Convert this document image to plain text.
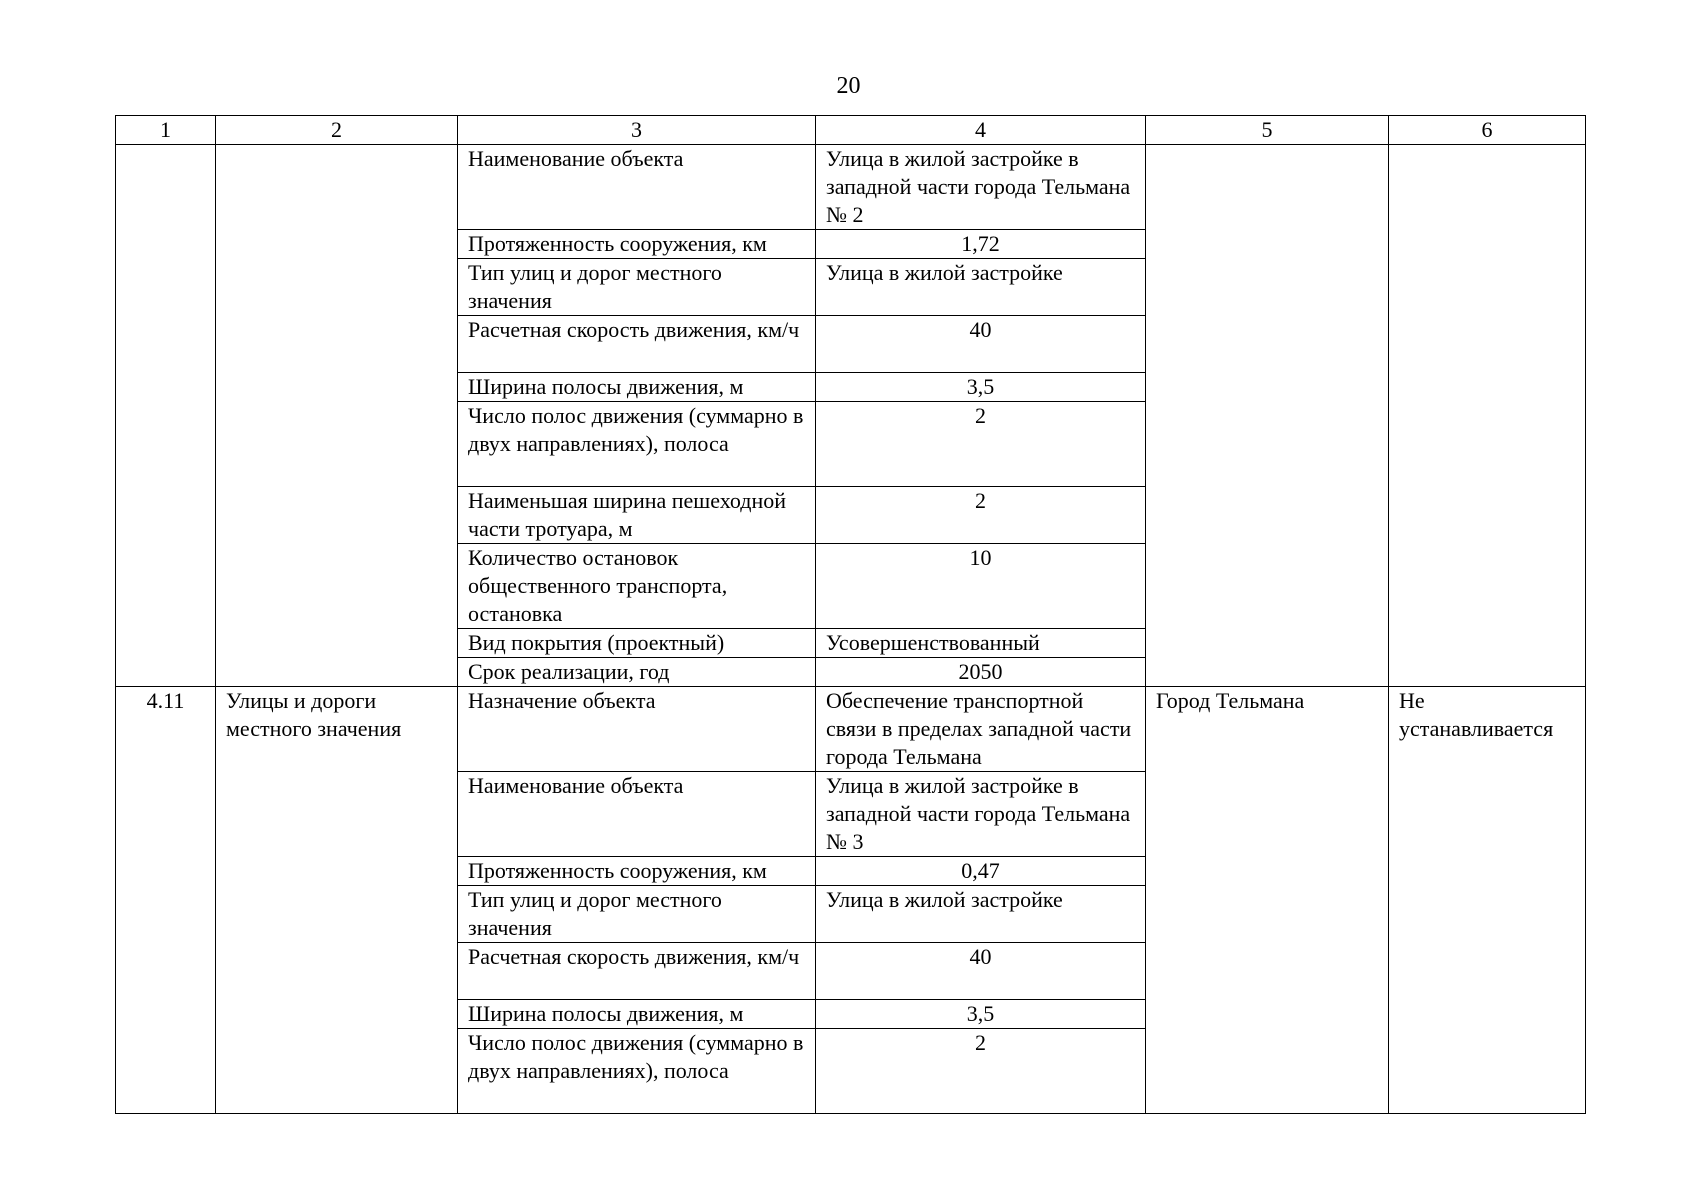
20
1	2	3	4	5	6
		Наименование объекта	Улица в жилой застройке в западной части города Тельмана № 2		
		Протяженность сооружения, км	1,72		
		Тип улиц и дорог местного значения	Улица в жилой застройке		
		Расчетная скорость движения, км/ч	40		
		Ширина полосы движения, м	3,5		
		Число полос движения (суммарно в двух направлениях), полоса	2		
		Наименьшая ширина пешеходной части тротуара, м	2		
		Количество остановок общественного транспорта, остановка	10		
		Вид покрытия (проектный)	Усовершенствованный		
		Срок реализации, год	2050		
4.11	Улицы и дороги местного значения	Назначение объекта	Обеспечение транспортной связи в пределах западной части города Тельмана	Город Тельмана	Не устанавливается
		Наименование объекта	Улица в жилой застройке в западной части города Тельмана № 3		
		Протяженность сооружения, км	0,47		
		Тип улиц и дорог местного значения	Улица в жилой застройке		
		Расчетная скорость движения, км/ч	40		
		Ширина полосы движения, м	3,5		
		Число полос движения (суммарно в двух направлениях), полоса	2		
